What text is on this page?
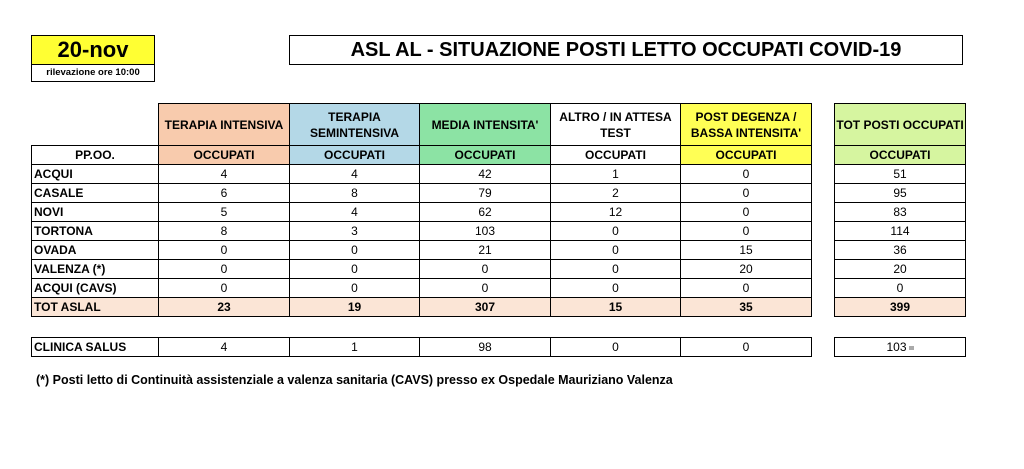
20-nov
rilevazione ore 10:00
ASL AL - SITUAZIONE POSTI LETTO OCCUPATI COVID-19
	TERAPIA INTENSIVA	TERAPIA SEMINTENSIVA	MEDIA INTENSITA'	ALTRO / IN ATTESA TEST	POST DEGENZA / BASSA INTENSITA'		TOT POSTI OCCUPATI
PP.OO.	OCCUPATI	OCCUPATI	OCCUPATI	OCCUPATI	OCCUPATI		OCCUPATI
ACQUI	4	4	42	1	0		51
CASALE	6	8	79	2	0		95
NOVI	5	4	62	12	0		83
TORTONA	8	3	103	0	0		114
OVADA	0	0	21	0	15		36
VALENZA (*)	0	0	0	0	20		20
ACQUI (CAVS)	0	0	0	0	0		0
TOT ASLAL	23	19	307	15	35		399
CLINICA SALUS	4	1	98	0	0		103
(*) Posti letto di Continuità assistenziale a valenza sanitaria (CAVS) presso ex Ospedale Mauriziano Valenza
